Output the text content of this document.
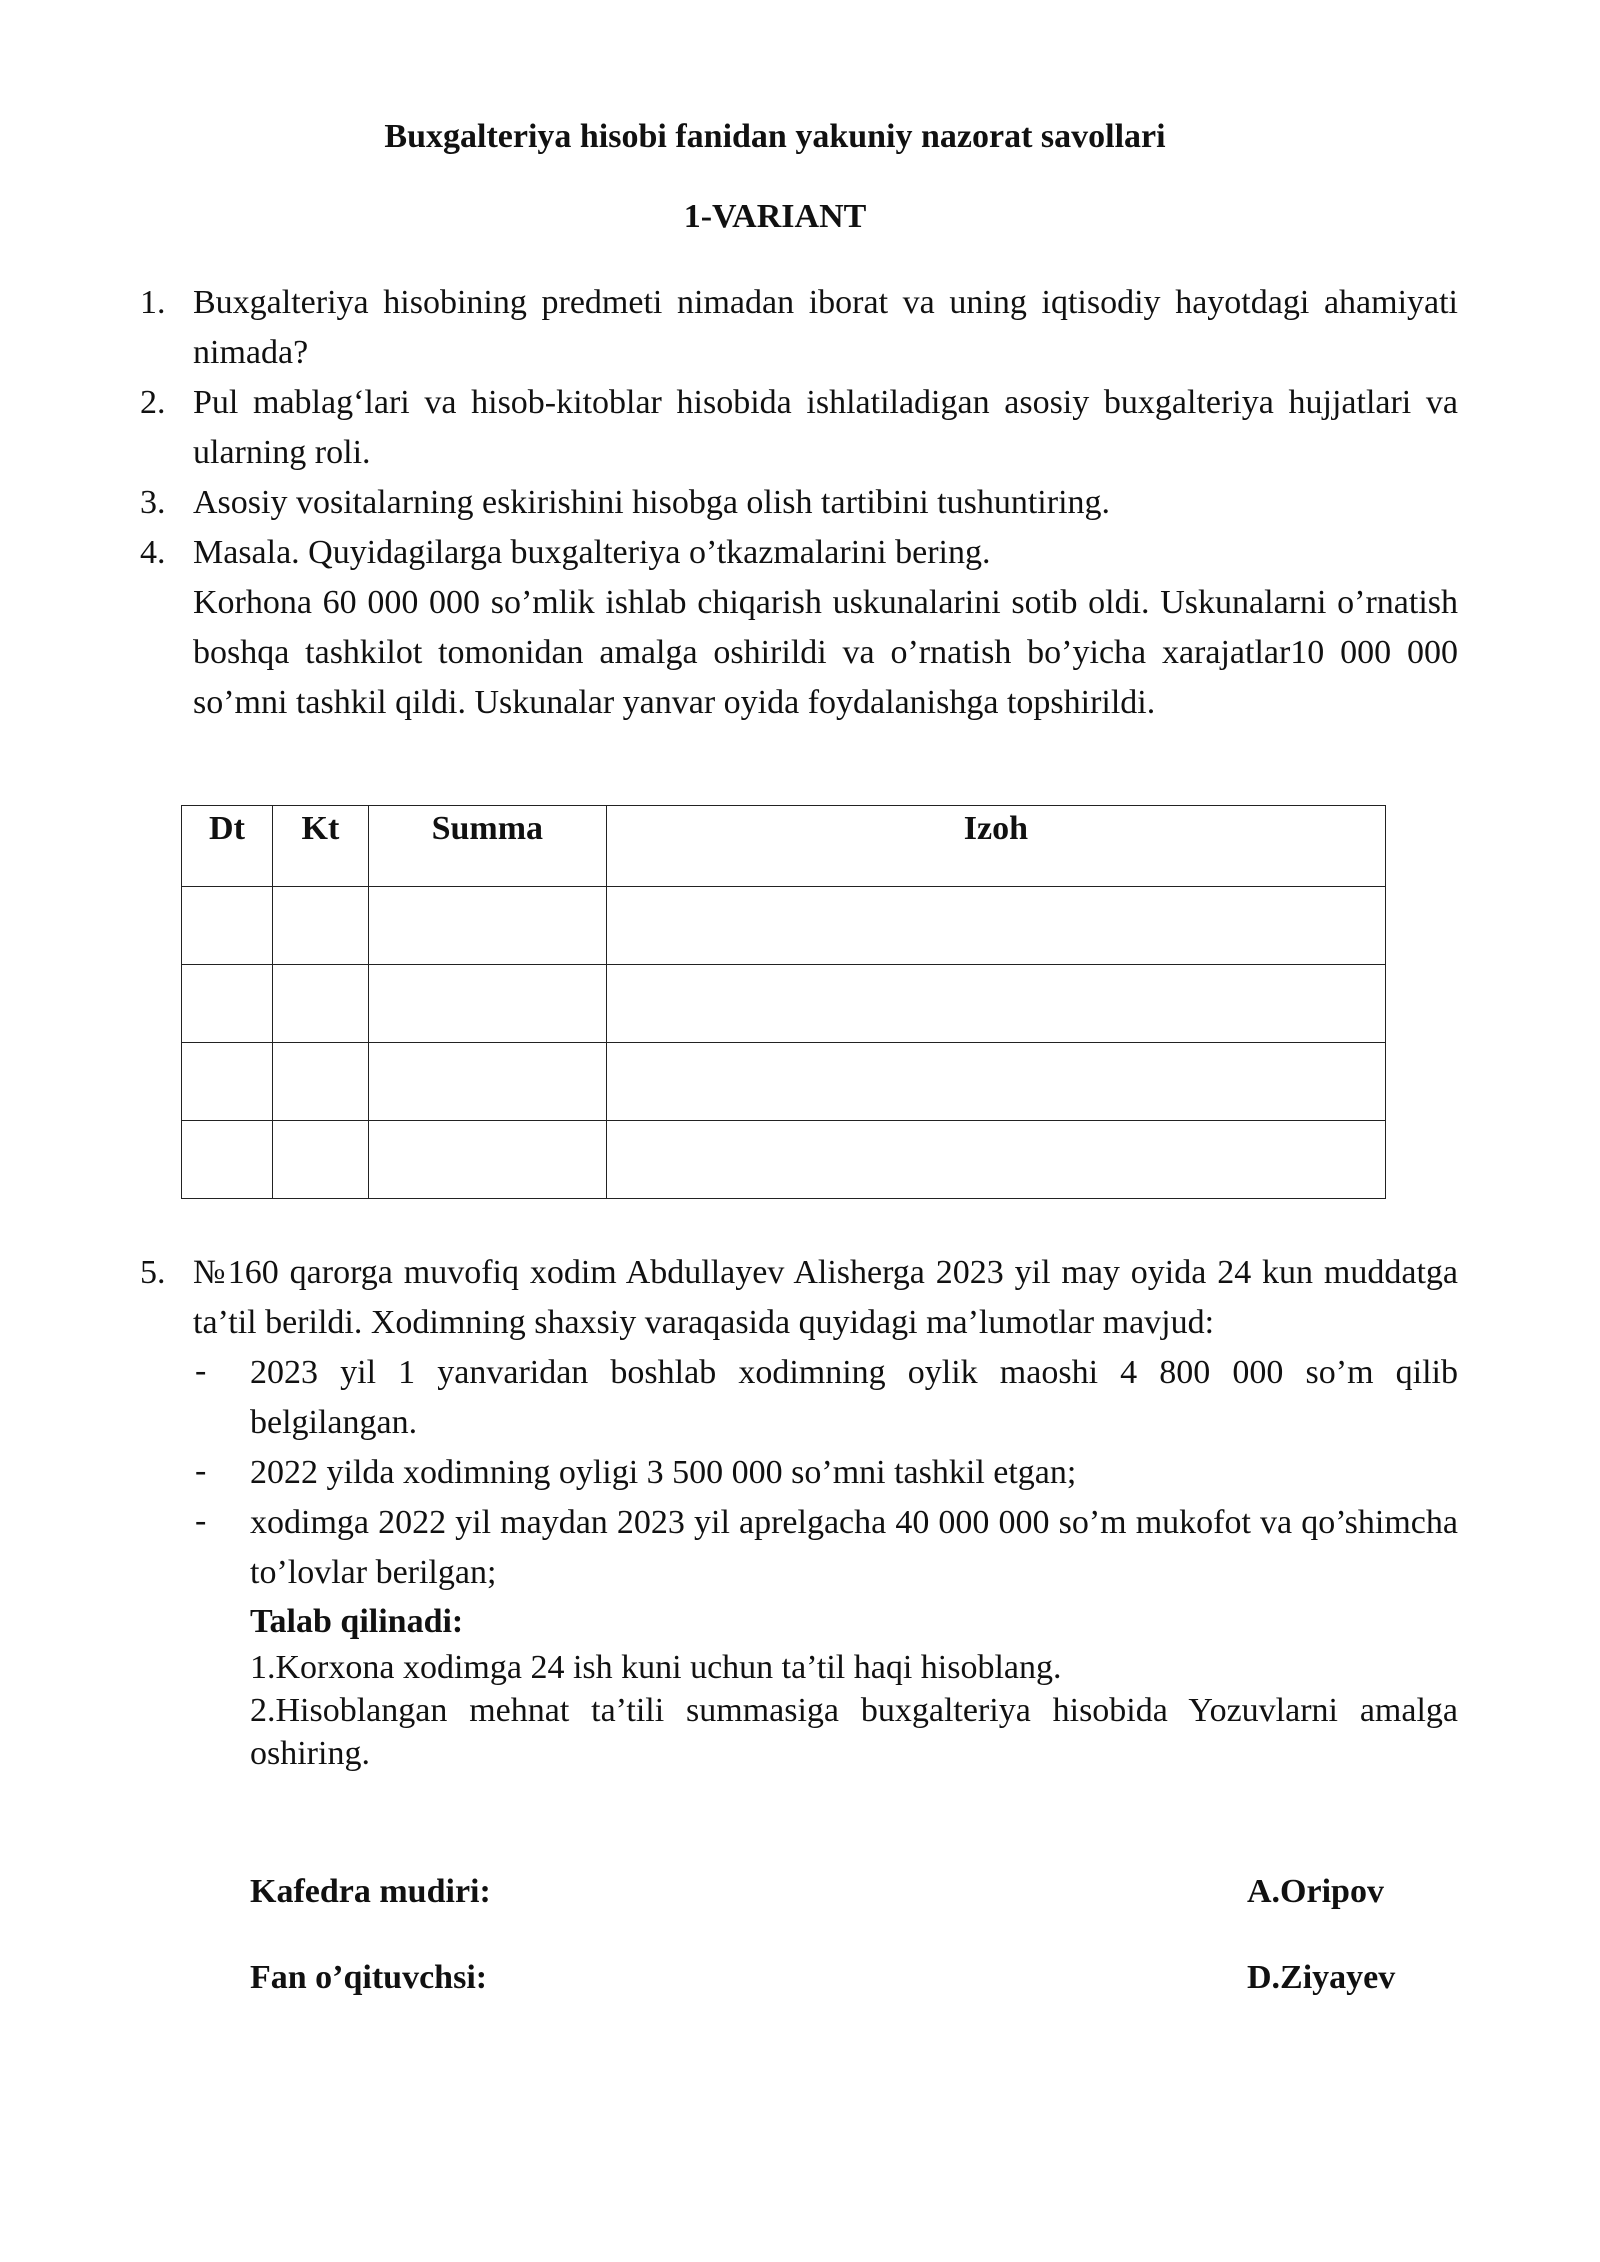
Buxgalteriya hisobi fanidan yakuniy nazorat savollari
1-VARIANT
1. Buxgalteriya hisobining predmeti nimadan iborat va uning iqtisodiy hayotdagi ahamiyati nimada?
2. Pul mablag‘lari va hisob-kitoblar hisobida ishlatiladigan asosiy buxgalteriya hujjatlari va ularning roli.
3. Asosiy vositalarning eskirishini hisobga olish tartibini tushuntiring.
4. Masala. Quyidagilarga buxgalteriya o’tkazmalarini bering.
Korhona 60 000 000 so’mlik ishlab chiqarish uskunalarini sotib oldi. Uskunalarni o’rnatish boshqa tashkilot tomonidan amalga oshirildi va o’rnatish bo’yicha xarajatlar10 000 000 so’mni tashkil qildi. Uskunalar yanvar oyida foydalanishga topshirildi.
Dt	Kt	Summa	Izoh

5. №160 qarorga muvofiq xodim Abdullayev Alisherga 2023 yil may oyida 24 kun muddatga ta’til berildi. Xodimning shaxsiy varaqasida quyidagi ma’lumotlar mavjud:
- 2023 yil 1 yanvaridan boshlab xodimning oylik maoshi 4 800 000 so’m qilib belgilangan.
- 2022 yilda xodimning oyligi 3 500 000 so’mni tashkil etgan;
- xodimga 2022 yil maydan 2023 yil aprelgacha 40 000 000 so’m mukofot va qo’shimcha to’lovlar berilgan;
Talab qilinadi:
1.Korxona xodimga 24 ish kuni uchun ta’til haqi hisoblang.
2.Hisoblangan mehnat ta’tili summasiga buxgalteriya hisobida Yozuvlarni amalga oshiring.
Kafedra mudiri:	A.Oripov
Fan o’qituvchsi:	D.Ziyayev
